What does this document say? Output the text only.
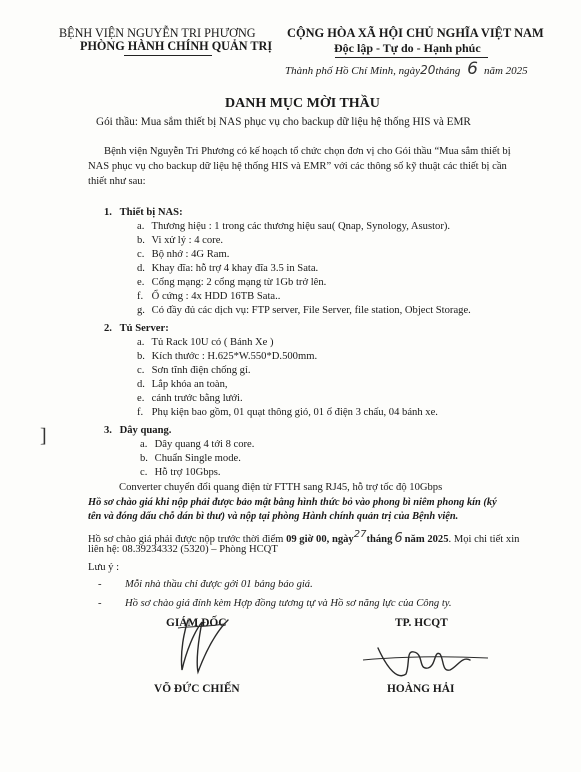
BỆNH VIỆN NGUYỄN TRI PHƯƠNG
PHÒNG HÀNH CHÍNH QUẢN TRỊ
CỘNG HÒA XÃ HỘI CHỦ NGHĨA VIỆT NAM
Độc lập - Tự do - Hạnh phúc
Thành phố Hồ Chí Minh, ngày20tháng 6 năm 2025
DANH MỤC MỜI THẦU
Gói thầu: Mua sắm thiết bị NAS phục vụ cho backup dữ liệu hệ thống HIS và EMR
Bệnh viện Nguyễn Tri Phương có kế hoạch tổ chức chọn đơn vị cho Gói thầu “Mua sắm thiết bị
NAS phục vụ cho backup dữ liệu hệ thống HIS và EMR” với các thông số kỹ thuật các thiết bị cần
thiết như sau:
1. Thiết bị NAS:
a. Thương hiệu : 1 trong các thương hiệu sau( Qnap, Synology, Asustor).
b. Vi xử lý : 4 core.
c. Bộ nhớ : 4G Ram.
d. Khay đĩa: hỗ trợ 4 khay đĩa 3.5 in Sata.
e. Cổng mạng: 2 cổng mạng từ 1Gb trở lên.
f. Ổ cứng : 4x HDD 16TB Sata..
g. Có đầy đủ các dịch vụ: FTP server, File Server, file station, Object Storage.
2. Tủ Server:
a. Tủ Rack 10U có ( Bánh Xe )
b. Kích thước : H.625*W.550*D.500mm.
c. Sơn tĩnh điện chống gỉ.
d. Lắp khóa an toàn,
e. cánh trước bằng lưới.
f. Phụ kiện bao gồm, 01 quạt thông gió, 01 ổ điện 3 chấu, 04 bánh xe.
]	3. Dây quang.
a. Dây quang 4 tới 8 core.
b. Chuẩn Single mode.
c. Hỗ trợ 10Gbps.
Converter chuyển đổi quang điện từ FTTH sang RJ45, hỗ trợ tốc độ 10Gbps
Hồ sơ chào giá khi nộp phải được bảo mật bằng hình thức bỏ vào phong bì niêm phong kín (ký
tên và đóng dấu chỗ dán bì thư) và nộp tại phòng Hành chính quản trị của Bệnh viện.
Hồ sơ chào giá phải được nộp trước thời điểm 09 giờ 00, ngày27tháng 6 năm 2025. Mọi chi tiết xin
liên hệ: 08.39234332 (5320) – Phòng HCQT
Lưu ý :
- Mỗi nhà thầu chỉ được gởi 01 bảng báo giá.
- Hồ sơ chào giá đính kèm Hợp đồng tương tự và Hồ sơ năng lực của Công ty.
GIÁM ĐỐC
VÕ ĐỨC CHIẾN
TP. HCQT
HOÀNG HẢI
